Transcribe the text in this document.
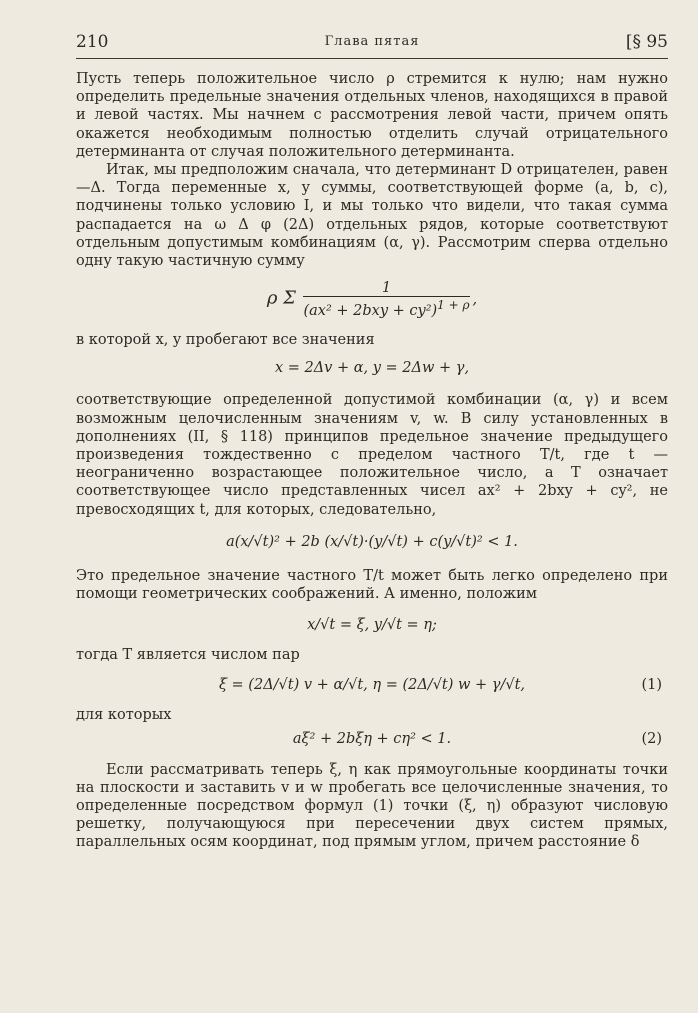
210	Глава пятая	[§ 95

Пусть теперь положительное число ρ стремится к нулю; нам нужно определить предельные значения отдельных членов, находящихся в правой и левой частях. Мы начнем с рассмотрения левой части, причем опять окажется необходимым полностью отделить случай отрицательного детерминанта от случая положительного детерминанта.

Итак, мы предположим сначала, что детерминант D отрицателен, равен —Δ. Тогда переменные x, y суммы, соответствующей форме (a, b, c), подчинены только условию I, и мы только что видели, что такая сумма распадается на ω Δ φ (2Δ) отдельных рядов, которые соответствуют отдельным допустимым комбинациям (α, γ). Рассмотрим сперва отдельно одну такую частичную сумму

ρ Σ $\frac{1}{(ax^2 + 2bxy + cy^2)^{1 + \rho}}$ ,

в которой x, y пробегают все значения

x = 2Δv + α, y = 2Δw + γ,

соответствующие определенной допустимой комбинации (α, γ) и всем возможным целочисленным значениям v, w. В силу установленных в дополнениях (II, § 118) принципов предельное значение предыдущего произведения тождественно с пределом частного T/t, где t — неограниченно возрастающее положительное число, а T означает соответствующее число представленных чисел ax² + 2bxy + cy², не превосходящих t, для которых, следовательно,

a(x/√t)² + 2b (x/√t)·(y/√t) + c(y/√t)² < 1.

Это предельное значение частного T/t может быть легко определено при помощи геометрических соображений. А именно, положим

x/√t = ξ, y/√t = η;

тогда T является числом пар

ξ = (2Δ/√t) v + α/√t, η = (2Δ/√t) w + γ/√t,	(1)

для которых

aξ² + 2bξη + cη² < 1.	(2)

Если рассматривать теперь ξ, η как прямоугольные координаты точки на плоскости и заставить v и w пробегать все целочисленные значения, то определенные посредством формул (1) точки (ξ, η) образуют числовую решетку, получающуюся при пересечении двух систем прямых, параллельных осям координат, под прямым углом, причем расстояние δ
